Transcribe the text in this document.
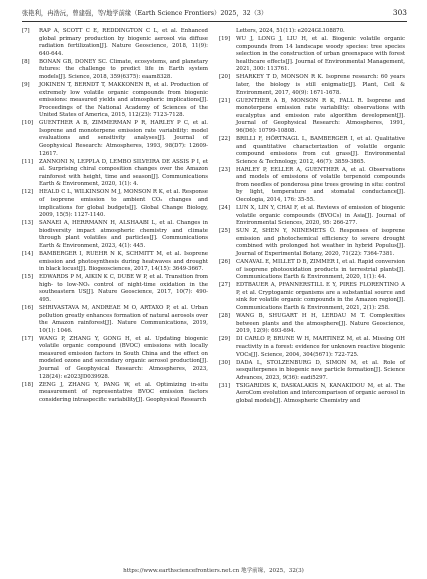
张艳利，冉浩沅，曾建强，等/地学前缘（Earth Science Frontiers）2025，32（3）	303
[7] RAP A, SCOTT C E, REDDINGTON C L, et al. Enhanced global primary production by biogenic aerosol via diffuse radiation fertilization[J]. Nature Geoscience, 2018, 11(9): 640-644.
[8] BONAN GB, DONEY SC. Climate, ecosystems, and planetary futures: the challenge to predict life in Earth system models[J]. Science, 2018, 359(6375): eaam8328.
[9] JOKINEN T, BERNDT T, MAKKONEN R, et al. Production of extremely low volatile organic compounds from biogenic emissions: measured yields and atmospheric implications[J]. Proceedings of the National Academy of Sciences of the United States of America, 2015, 112(23): 7123-7128.
[10] GUENTHER A B, ZIMMERMAN P R, HARLEY P C, et al. Isoprene and monoterpene emission rate variability: model evaluations and sensitivity analyses[J]. Journal of Geophysical Research: Atmospheres, 1993, 98(D7): 12609-12617.
[11] ZANNONI N, LEPPLA D, LEMBO SILVEIRA DE ASSIS P I, et al. Surprising chiral composition changes over the Amazon rainforest with height, time and season[J]. Communications Earth & Environment, 2020, 1(1): 4.
[12] HEALD C L, WILKINSON M J, MONSON R K, et al. Response of isoprene emission to ambient CO₂ changes and implications for global budgets[J]. Global Change Biology, 2009, 15(5): 1127-1140.
[13] SANAEI A, HERRMANN H, ALSHAABI L, et al. Changes in biodiversity impact atmospheric chemistry and climate through plant volatiles and particles[J]. Communications Earth & Environment, 2023, 4(1): 445.
[14] BAMBERGER I, RUEHR N K, SCHMITT M, et al. Isoprene emission and photosynthesis during heatwaves and drought in black locust[J]. Biogeosciences, 2017, 14(15): 3649-3667.
[15] EDWARDS P M, AIKIN K C, DUBE W P, et al. Transition from high- to low-NOₓ control of night-time oxidation in the southeastern US[J]. Nature Geoscience, 2017, 10(7): 490-495.
[16] SHRIVASTAVA M, ANDREAE M O, ARTAXO P, et al. Urban pollution greatly enhances formation of natural aerosols over the Amazon rainforest[J]. Nature Communications, 2019, 10(1): 1046.
[17] WANG P, ZHANG Y, GONG H, et al. Updating biogenic volatile organic compound (BVOC) emissions with locally measured emission factors in South China and the effect on modeled ozone and secondary organic aerosol production[J]. Journal of Geophysical Research: Atmospheres, 2023, 128(24): e2023JD039928.
[18] ZENG J, ZHANG Y, PANG W, et al. Optimizing in-situ measurement of representative BVOC emission factors considering intraspecific variability[J]. Geophysical Research
Letters, 2024, 51(11): e2024GL108870.
[19] WU J, LONG J, LIU H, et al. Biogenic volatile organic compounds from 14 landscape woody species: tree species selection in the construction of urban greenspace with forest healthcare effects[J]. Journal of Environmental Management, 2021, 300: 113761.
[20] SHARKEY T D, MONSON R K. Isoprene research: 60 years later, the biology is still enigmatic[J]. Plant, Cell & Environment, 2017, 40(9): 1671-1678.
[21] GUENTHER A B, MONSON R K, FALL R. Isoprene and monoterpene emission rate variability: observations with eucalyptus and emission rate algorithm development[J]. Journal of Geophysical Research: Atmospheres, 1991, 96(D6): 10799-10808.
[22] BRILLI F, HÖRTNAGL L, BAMBERGER I, et al. Qualitative and quantitative characterization of volatile organic compound emissions from cut grass[J]. Environmental Science & Technology, 2012, 46(7): 3859-3865.
[23] HARLEY P, EELLER A, GUENTHER A, et al. Observations and models of emissions of volatile terpenoid compounds from needles of ponderosa pine trees growing in situ: control by light, temperature and stomatal conductance[J]. Oecologia, 2014, 176: 35-55.
[24] LUN X, LIN Y, CHAI F, et al. Reviews of emission of biogenic volatile organic compounds (BVOCs) in Asia[J]. Journal of Environmental Sciences, 2020, 95: 266-277.
[25] SUN Z, SHEN Y, NIINEMETS Ü. Responses of isoprene emission and photochemical efficiency to severe drought combined with prolonged hot weather in hybrid Populus[J]. Journal of Experimental Botany, 2020, 71(22): 7364-7381.
[26] CANAVAL E, MILLET D B, ZIMMER I, et al. Rapid conversion of isoprene photooxidation products in terrestrial plants[J]. Communications Earth & Environment, 2020, 1(1): 44.
[27] EDTBAUER A, PFANNERSTILL E Y, PIRES FLORENTINO A P, et al. Cryptogamic organisms are a substantial source and sink for volatile organic compounds in the Amazon region[J]. Communications Earth & Environment, 2021, 2(1): 258.
[28] WANG B, SHUGART H H, LERDAU M T. Complexities between plants and the atmosphere[J]. Nature Geoscience, 2019, 12(9): 693-694.
[29] DI CARLO P, BRUNE W H, MARTINEZ M, et al. Missing OH reactivity in a forest: evidence for unknown reactive biogenic VOCs[J]. Science, 2004, 304(5671): 722-725.
[30] DADA L, STOLZENBURG D, SIMON M, et al. Role of sesquiterpenes in biogenic new particle formation[J]. Science Advances, 2023, 9(36): eadi5297.
[31] TSIGARIDIS K, DASKALAKIS N, KANAKIDOU M, et al. The AeroCom evolution and intercomparison of organic aerosol in global models[J]. Atmospheric Chemistry and
https://www.earthsciencefrontiers.net.cn 地学前缘，2025，32(3)
